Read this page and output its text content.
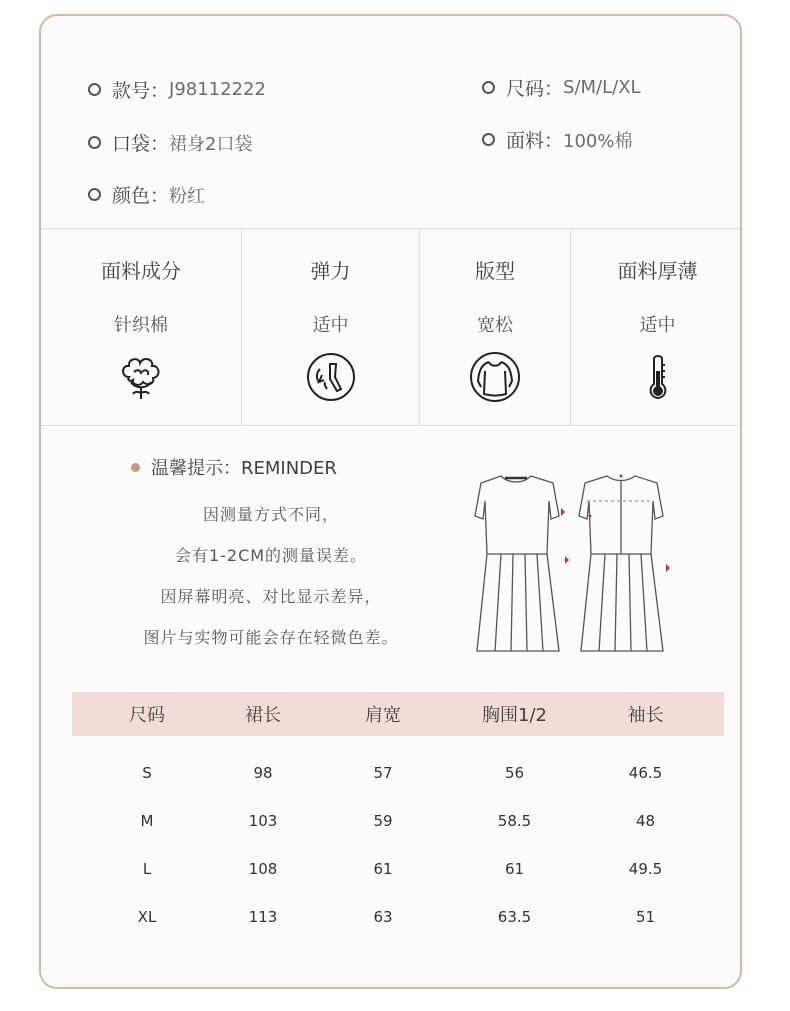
款号： J98112222	尺码： S/M/L/XL
口袋： 裙身2口袋	面料： 100%棉
颜色： 粉红
面料成分
针织棉
弹力
适中
版型
宽松
面料厚薄
适中
温馨提示：REMINDER
因测量方式不同，
会有1-2CM的测量误差。
因屏幕明亮、对比显示差异，
图片与实物可能会存在轻微色差。
尺码	裙长	肩宽	胸围1/2	袖长
S	98	57	56	46.5
M	103	59	58.5	48
L	108	61	61	49.5
XL	113	63	63.5	51
